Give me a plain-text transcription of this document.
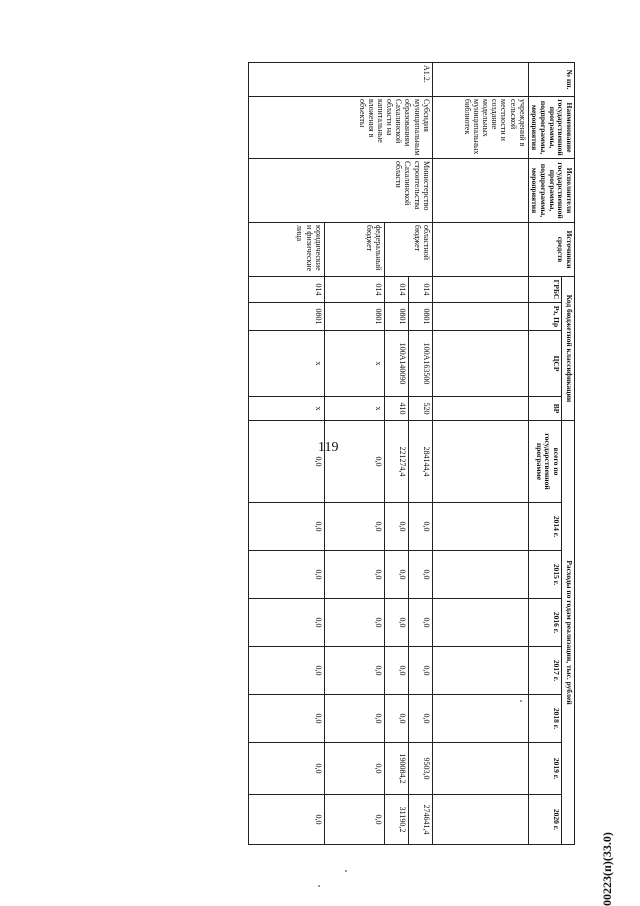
119
00223(п)(33.0)
№ пп.	Наименование государственной программы, подпрограммы, мероприятия	Исполнители государственной программы, подпрограммы, мероприятия	Источники средств	Код бюджетной классификации				Расходы по годам реализации, тыс. рублей							
				ГРБС	Рз, Пр	ЦСР	ВР	всего по государственной программе	2014 г.	2015 г.	2016 г.	2017 г.	2018 г.	2019 г.	2020 г.
	учреждений в сельской местности и создание модельных муниципальных библиотек														
А1.2.	Субсидия муниципальным образованиям Сахалинской области на капитальные вложения в объекты	Министерство строительства Сахалинской области	областной бюджет	014	0801	100А163500	520	284144,4	0,0	0,0	0,0	0,0	0,0	9503,0	274641,4
				014	0801	100А140090	410	221274,4	0,0	0,0	0,0	0,0	0,0	190084,2	31190,2
			федеральный бюджет	014	0801	х	х	0,0	0,0	0,0	0,0	0,0	0,0	0,0	0,0
			юридические и физические лица	014	0801	х	х	0,0	0,0	0,0	0,0	0,0	0,0	0,0	0,0
